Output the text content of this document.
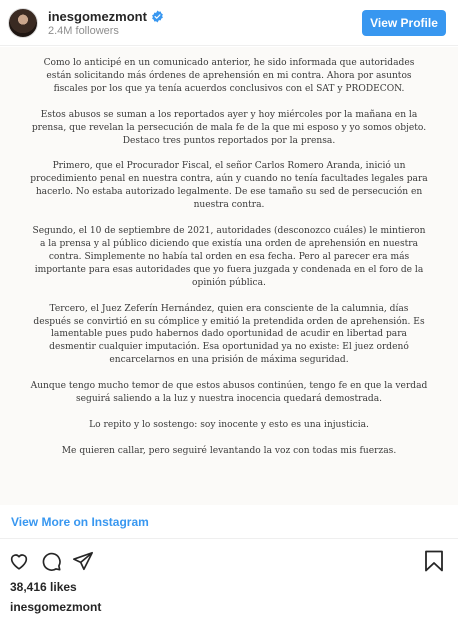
inesgomezmont
2.4M followers
View Profile
Como lo anticipé en un comunicado anterior, he sido informada que autoridades están solicitando más órdenes de aprehensión en mi contra. Ahora por asuntos fiscales por los que ya tenía acuerdos conclusivos con el SAT y PRODECON.
Estos abusos se suman a los reportados ayer y hoy miércoles por la mañana en la prensa, que revelan la persecución de mala fe de la que mi esposo y yo somos objeto. Destaco tres puntos reportados por la prensa.
Primero, que el Procurador Fiscal, el señor Carlos Romero Aranda, inició un procedimiento penal en nuestra contra, aún y cuando no tenía facultades legales para hacerlo. No estaba autorizado legalmente. De ese tamaño su sed de persecución en nuestra contra.
Segundo, el 10 de septiembre de 2021, autoridades (desconozco cuáles) le mintieron a la prensa y al público diciendo que existía una orden de aprehensión en nuestra contra. Simplemente no había tal orden en esa fecha. Pero al parecer era más importante para esas autoridades que yo fuera juzgada y condenada en el foro de la opinión pública.
Tercero, el Juez Zeferín Hernández, quien era consciente de la calumnia, días después se convirtió en su cómplice y emitió la pretendida orden de aprehensión. Es lamentable pues pudo habernos dado oportunidad de acudir en libertad para desmentir cualquier imputación. Esa oportunidad ya no existe: El juez ordenó encarcelarnos en una prisión de máxima seguridad.
Aunque tengo mucho temor de que estos abusos continúen, tengo fe en que la verdad seguirá saliendo a la luz y nuestra inocencia quedará demostrada.
Lo repito y lo sostengo: soy inocente y esto es una injusticia.
Me quieren callar, pero seguiré levantando la voz con todas mis fuerzas.
View More on Instagram
38,416 likes
inesgomezmont
